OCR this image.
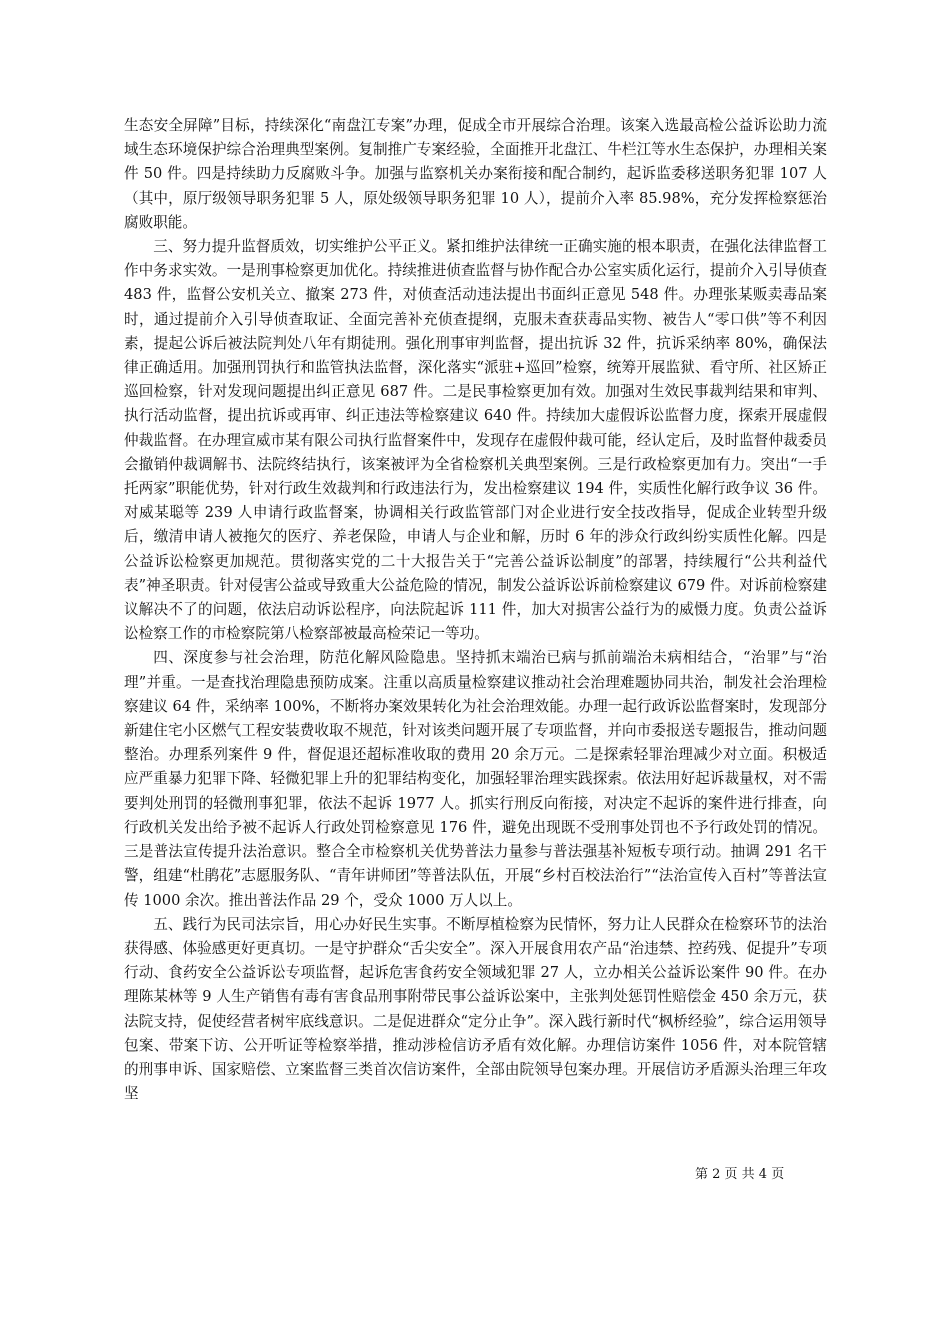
生态安全屏障”目标，持续深化“南盘江专案”办理，促成全市开展综合治理。该案入选最高检公益诉讼助力流域生态环境保护综合治理典型案例。复制推广专案经验，全面推开北盘江、牛栏江等水生态保护，办理相关案件 50 件。四是持续助力反腐败斗争。加强与监察机关办案衔接和配合制约，起诉监委移送职务犯罪 107 人（其中，原厅级领导职务犯罪 5 人，原处级领导职务犯罪 10 人），提前介入率 85.98%，充分发挥检察惩治腐败职能。

三、努力提升监督质效，切实维护公平正义。紧扣维护法律统一正确实施的根本职责，在强化法律监督工作中务求实效。一是刑事检察更加优化。持续推进侦查监督与协作配合办公室实质化运行，提前介入引导侦查 483 件，监督公安机关立、撤案 273 件，对侦查活动违法提出书面纠正意见 548 件。办理张某贩卖毒品案时，通过提前介入引导侦查取证、全面完善补充侦查提纲，克服未查获毒品实物、被告人“零口供”等不利因素，提起公诉后被法院判处八年有期徒刑。强化刑事审判监督，提出抗诉 32 件，抗诉采纳率 80%，确保法律正确适用。加强刑罚执行和监管执法监督，深化落实“派驻+巡回”检察，统筹开展监狱、看守所、社区矫正巡回检察，针对发现问题提出纠正意见 687 件。二是民事检察更加有效。加强对生效民事裁判结果和审判、执行活动监督，提出抗诉或再审、纠正违法等检察建议 640 件。持续加大虚假诉讼监督力度，探索开展虚假仲裁监督。在办理宣威市某有限公司执行监督案件中，发现存在虚假仲裁可能，经认定后，及时监督仲裁委员会撤销仲裁调解书、法院终结执行，该案被评为全省检察机关典型案例。三是行政检察更加有力。突出“一手托两家”职能优势，针对行政生效裁判和行政违法行为，发出检察建议 194 件，实质性化解行政争议 36 件。对威某聪等 239 人申请行政监督案，协调相关行政监管部门对企业进行安全技改指导，促成企业转型升级后，缴清申请人被拖欠的医疗、养老保险，申请人与企业和解，历时 6 年的涉众行政纠纷实质性化解。四是公益诉讼检察更加规范。贯彻落实党的二十大报告关于“完善公益诉讼制度”的部署，持续履行“公共利益代表”神圣职责。针对侵害公益或导致重大公益危险的情况，制发公益诉讼诉前检察建议 679 件。对诉前检察建议解决不了的问题，依法启动诉讼程序，向法院起诉 111 件，加大对损害公益行为的威慑力度。负责公益诉讼检察工作的市检察院第八检察部被最高检荣记一等功。

四、深度参与社会治理，防范化解风险隐患。坚持抓末端治已病与抓前端治未病相结合，“治罪”与“治理”并重。一是查找治理隐患预防成案。注重以高质量检察建议推动社会治理难题协同共治，制发社会治理检察建议 64 件，采纳率 100%，不断将办案效果转化为社会治理效能。办理一起行政诉讼监督案时，发现部分新建住宅小区燃气工程安装费收取不规范，针对该类问题开展了专项监督，并向市委报送专题报告，推动问题整治。办理系列案件 9 件，督促退还超标准收取的费用 20 余万元。二是探索轻罪治理减少对立面。积极适应严重暴力犯罪下降、轻微犯罪上升的犯罪结构变化，加强轻罪治理实践探索。依法用好起诉裁量权，对不需要判处刑罚的轻微刑事犯罪，依法不起诉 1977 人。抓实行刑反向衔接，对决定不起诉的案件进行排查，向行政机关发出给予被不起诉人行政处罚检察意见 176 件，避免出现既不受刑事处罚也不予行政处罚的情况。三是普法宣传提升法治意识。整合全市检察机关优势普法力量参与普法强基补短板专项行动。抽调 291 名干警，组建“杜鹃花”志愿服务队、“青年讲师团”等普法队伍，开展“乡村百校法治行”“法治宣传入百村”等普法宣传 1000 余次。推出普法作品 29 个，受众 1000 万人以上。

五、践行为民司法宗旨，用心办好民生实事。不断厚植检察为民情怀，努力让人民群众在检察环节的法治获得感、体验感更好更真切。一是守护群众“舌尖安全”。深入开展食用农产品“治违禁、控药残、促提升”专项行动、食药安全公益诉讼专项监督，起诉危害食药安全领域犯罪 27 人，立办相关公益诉讼案件 90 件。在办理陈某林等 9 人生产销售有毒有害食品刑事附带民事公益诉讼案中，主张判处惩罚性赔偿金 450 余万元，获法院支持，促使经营者树牢底线意识。二是促进群众“定分止争”。深入践行新时代“枫桥经验”，综合运用领导包案、带案下访、公开听证等检察举措，推动涉检信访矛盾有效化解。办理信访案件 1056 件，对本院管辖的刑事申诉、国家赔偿、立案监督三类首次信访案件，全部由院领导包案办理。开展信访矛盾源头治理三年攻坚

第 2 页 共 4 页
